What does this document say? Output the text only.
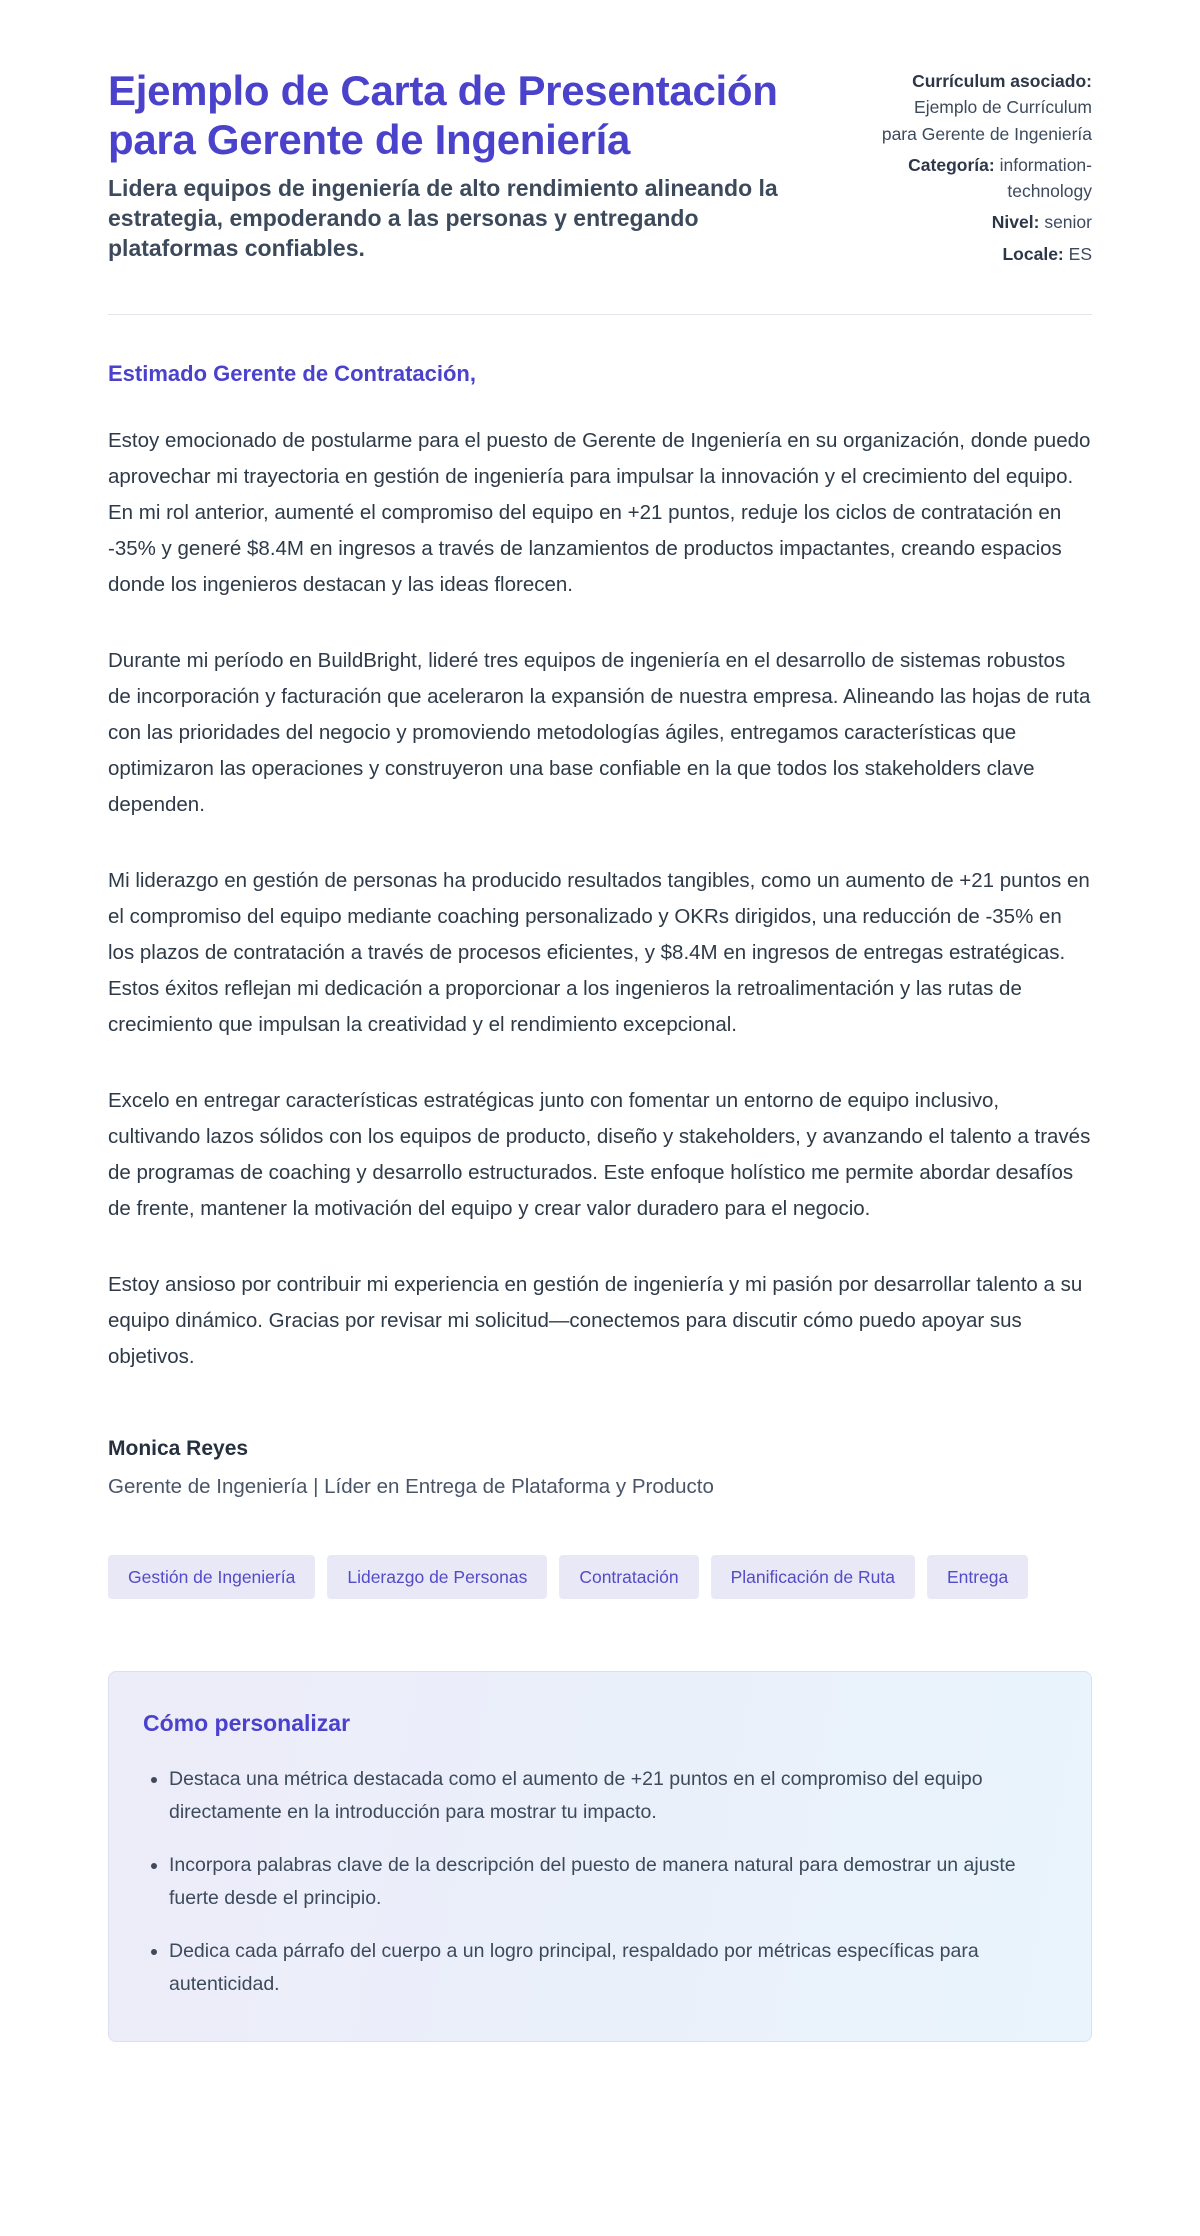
Ejemplo de Carta de Presentación para Gerente de Ingeniería

Lidera equipos de ingeniería de alto rendimiento alineando la estrategia, empoderando a las personas y entregando plataformas confiables.

Currículum asociado: Ejemplo de Currículum para Gerente de Ingeniería
Categoría: information-technology
Nivel: senior
Locale: ES

Estimado Gerente de Contratación,

Estoy emocionado de postularme para el puesto de Gerente de Ingeniería en su organización, donde puedo aprovechar mi trayectoria en gestión de ingeniería para impulsar la innovación y el crecimiento del equipo. En mi rol anterior, aumenté el compromiso del equipo en +21 puntos, reduje los ciclos de contratación en -35% y generé $8.4M en ingresos a través de lanzamientos de productos impactantes, creando espacios donde los ingenieros destacan y las ideas florecen.

Durante mi período en BuildBright, lideré tres equipos de ingeniería en el desarrollo de sistemas robustos de incorporación y facturación que aceleraron la expansión de nuestra empresa. Alineando las hojas de ruta con las prioridades del negocio y promoviendo metodologías ágiles, entregamos características que optimizaron las operaciones y construyeron una base confiable en la que todos los stakeholders clave dependen.

Mi liderazgo en gestión de personas ha producido resultados tangibles, como un aumento de +21 puntos en el compromiso del equipo mediante coaching personalizado y OKRs dirigidos, una reducción de -35% en los plazos de contratación a través de procesos eficientes, y $8.4M en ingresos de entregas estratégicas. Estos éxitos reflejan mi dedicación a proporcionar a los ingenieros la retroalimentación y las rutas de crecimiento que impulsan la creatividad y el rendimiento excepcional.

Excelo en entregar características estratégicas junto con fomentar un entorno de equipo inclusivo, cultivando lazos sólidos con los equipos de producto, diseño y stakeholders, y avanzando el talento a través de programas de coaching y desarrollo estructurados. Este enfoque holístico me permite abordar desafíos de frente, mantener la motivación del equipo y crear valor duradero para el negocio.

Estoy ansioso por contribuir mi experiencia en gestión de ingeniería y mi pasión por desarrollar talento a su equipo dinámico. Gracias por revisar mi solicitud—conectemos para discutir cómo puedo apoyar sus objetivos.

Monica Reyes

Gerente de Ingeniería | Líder en Entrega de Plataforma y Producto

Gestión de Ingeniería	Liderazgo de Personas	Contratación	Planificación de Ruta	Entrega

Cómo personalizar

• Destaca una métrica destacada como el aumento de +21 puntos en el compromiso del equipo directamente en la introducción para mostrar tu impacto.
• Incorpora palabras clave de la descripción del puesto de manera natural para demostrar un ajuste fuerte desde el principio.
• Dedica cada párrafo del cuerpo a un logro principal, respaldado por métricas específicas para autenticidad.
